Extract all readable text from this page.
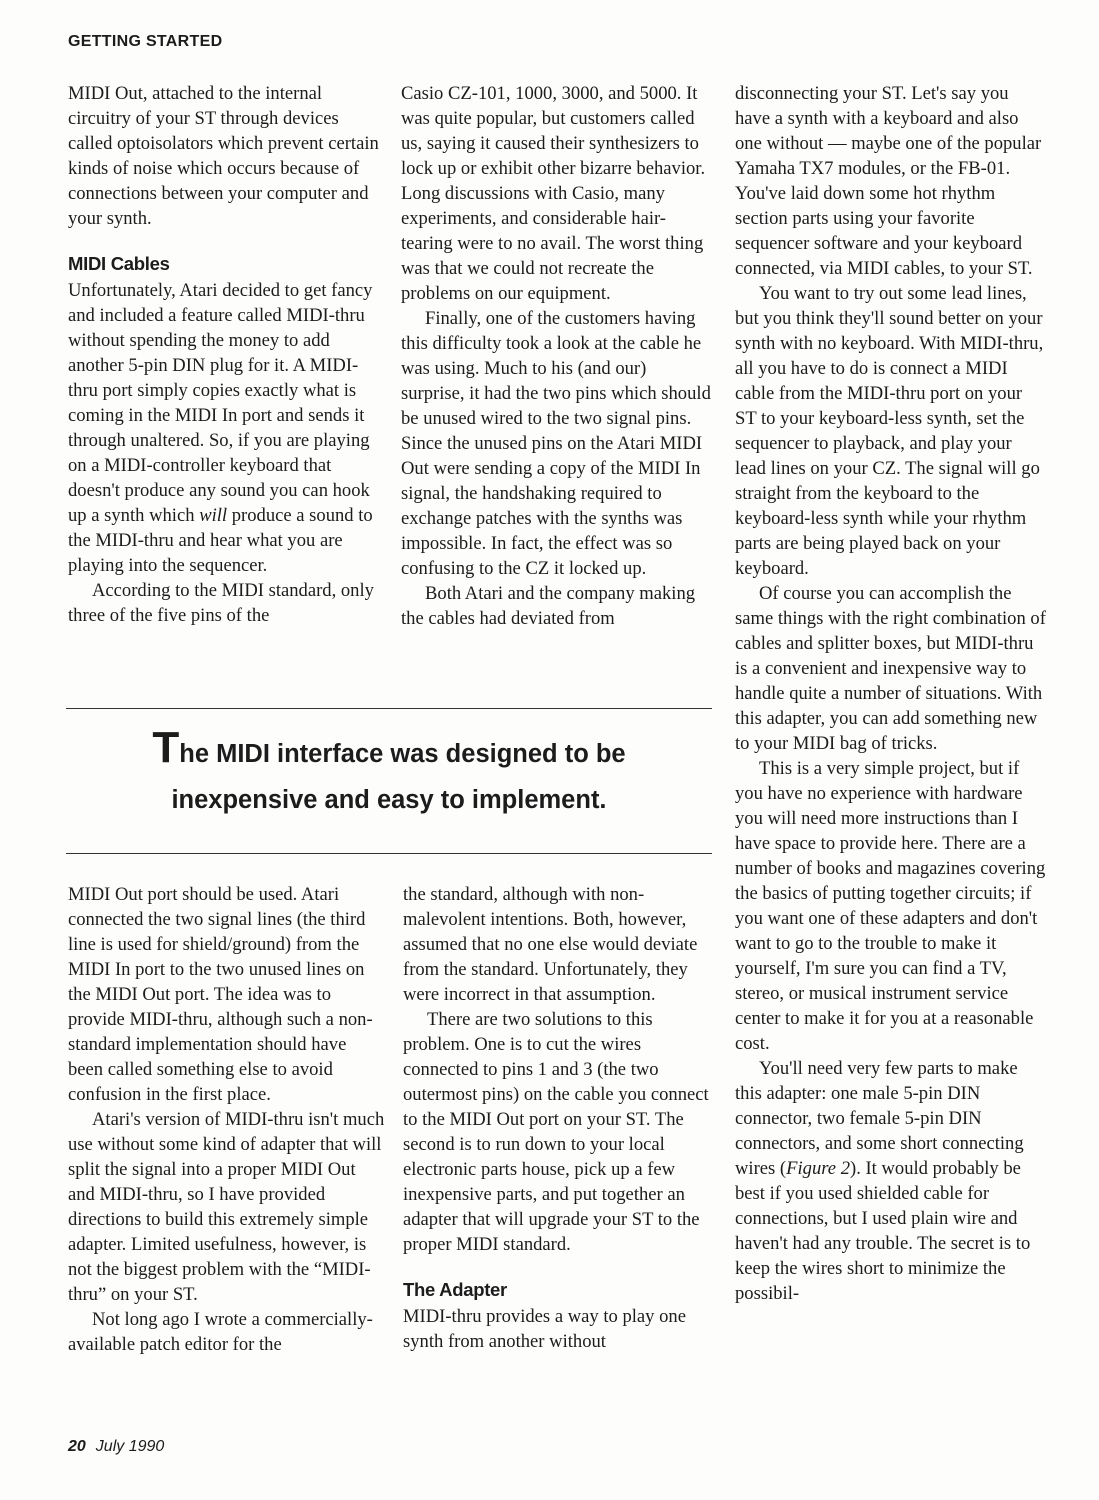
GETTING STARTED

MIDI Out, attached to the internal circuitry of your ST through devices called optoisolators which prevent certain kinds of noise which occurs because of connections between your computer and your synth.

MIDI Cables

Unfortunately, Atari decided to get fancy and included a feature called MIDI-thru without spending the money to add another 5-pin DIN plug for it. A MIDI-thru port simply copies exactly what is coming in the MIDI In port and sends it through unaltered. So, if you are playing on a MIDI-controller keyboard that doesn't produce any sound you can hook up a synth which will produce a sound to the MIDI-thru and hear what you are playing into the sequencer.

According to the MIDI standard, only three of the five pins of the

Casio CZ-101, 1000, 3000, and 5000. It was quite popular, but customers called us, saying it caused their synthesizers to lock up or exhibit other bizarre behavior. Long discussions with Casio, many experiments, and considerable hair-tearing were to no avail. The worst thing was that we could not recreate the problems on our equipment.

Finally, one of the customers having this difficulty took a look at the cable he was using. Much to his (and our) surprise, it had the two pins which should be unused wired to the two signal pins. Since the unused pins on the Atari MIDI Out were sending a copy of the MIDI In signal, the handshaking required to exchange patches with the synths was impossible. In fact, the effect was so confusing to the CZ it locked up.

Both Atari and the company making the cables had deviated from

The MIDI interface was designed to be
inexpensive and easy to implement.

MIDI Out port should be used. Atari connected the two signal lines (the third line is used for shield/ground) from the MIDI In port to the two unused lines on the MIDI Out port. The idea was to provide MIDI-thru, although such a non-standard implementation should have been called something else to avoid confusion in the first place.

Atari's version of MIDI-thru isn't much use without some kind of adapter that will split the signal into a proper MIDI Out and MIDI-thru, so I have provided directions to build this extremely simple adapter. Limited usefulness, however, is not the biggest problem with the “MIDI-thru” on your ST.

Not long ago I wrote a commercially-available patch editor for the

the standard, although with non-malevolent intentions. Both, however, assumed that no one else would deviate from the standard. Unfortunately, they were incorrect in that assumption.

There are two solutions to this problem. One is to cut the wires connected to pins 1 and 3 (the two outermost pins) on the cable you connect to the MIDI Out port on your ST. The second is to run down to your local electronic parts house, pick up a few inexpensive parts, and put together an adapter that will upgrade your ST to the proper MIDI standard.

The Adapter

MIDI-thru provides a way to play one synth from another without

disconnecting your ST. Let's say you have a synth with a keyboard and also one without — maybe one of the popular Yamaha TX7 modules, or the FB-01. You've laid down some hot rhythm section parts using your favorite sequencer software and your keyboard connected, via MIDI cables, to your ST.

You want to try out some lead lines, but you think they'll sound better on your synth with no keyboard. With MIDI-thru, all you have to do is connect a MIDI cable from the MIDI-thru port on your ST to your keyboard-less synth, set the sequencer to playback, and play your lead lines on your CZ. The signal will go straight from the keyboard to the keyboard-less synth while your rhythm parts are being played back on your keyboard.

Of course you can accomplish the same things with the right combination of cables and splitter boxes, but MIDI-thru is a convenient and inexpensive way to handle quite a number of situations. With this adapter, you can add something new to your MIDI bag of tricks.

This is a very simple project, but if you have no experience with hardware you will need more instructions than I have space to provide here. There are a number of books and magazines covering the basics of putting together circuits; if you want one of these adapters and don't want to go to the trouble to make it yourself, I'm sure you can find a TV, stereo, or musical instrument service center to make it for you at a reasonable cost.

You'll need very few parts to make this adapter: one male 5-pin DIN connector, two female 5-pin DIN connectors, and some short connecting wires (Figure 2). It would probably be best if you used shielded cable for connections, but I used plain wire and haven't had any trouble. The secret is to keep the wires short to minimize the possibil-

20 July 1990
